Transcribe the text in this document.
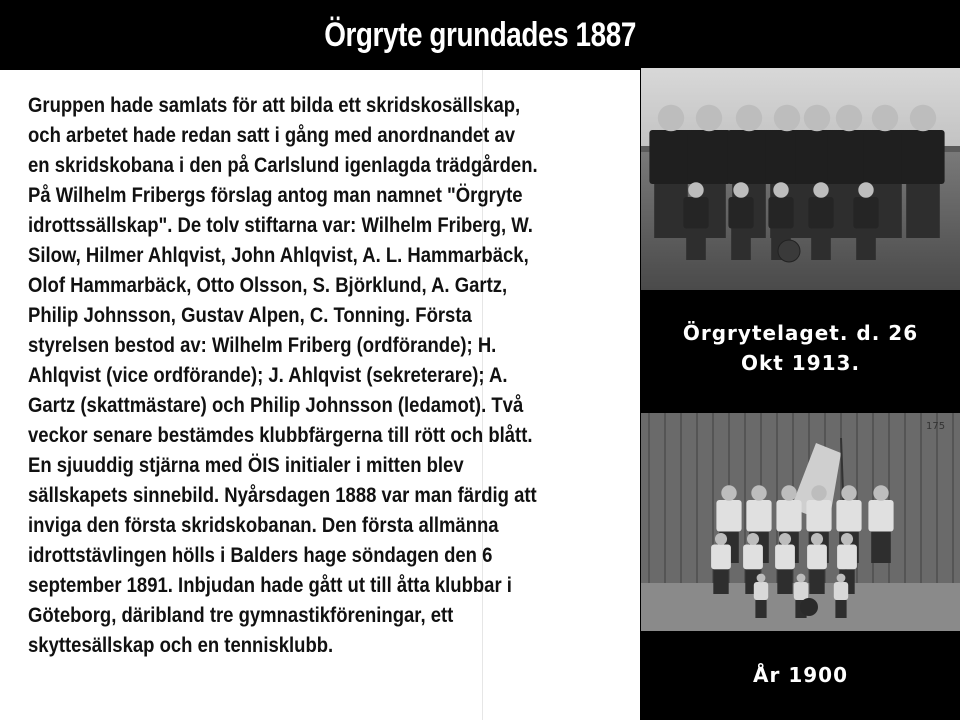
Örgryte grundades 1887
Gruppen hade samlats för att bilda ett skridskosällskap,
och arbetet hade redan satt i gång med anordnandet av
en skridskobana i den på Carlslund igenlagda trädgården.
På Wilhelm Fribergs förslag antog man namnet "Örgryte
idrottssällskap". De tolv stiftarna var: Wilhelm Friberg, W.
Silow, Hilmer Ahlqvist, John Ahlqvist, A. L. Hammarbäck,
Olof Hammarbäck, Otto Olsson, S. Björklund, A. Gartz,
Philip Johnsson, Gustav Alpen, C. Tonning. Första
styrelsen bestod av: Wilhelm Friberg (ordförande); H.
Ahlqvist (vice ordförande); J. Ahlqvist (sekreterare); A.
Gartz (skattmästare) och Philip Johnsson (ledamot). Två
veckor senare bestämdes klubbfärgerna till rött och blått.
En sjuuddig stjärna med ÖIS initialer i mitten blev
sällskapets sinnebild. Nyårsdagen 1888 var man färdig att
inviga den första skridskobanan. Den första allmänna
idrottstävlingen hölls i Balders hage söndagen den 6
september 1891. Inbjudan hade gått ut till åtta klubbar i
Göteborg, däribland tre gymnastikföreningar, ett
skyttesällskap och en tennisklubb.
Örgrytelaget. d. 26
Okt 1913.
175
År 1900
